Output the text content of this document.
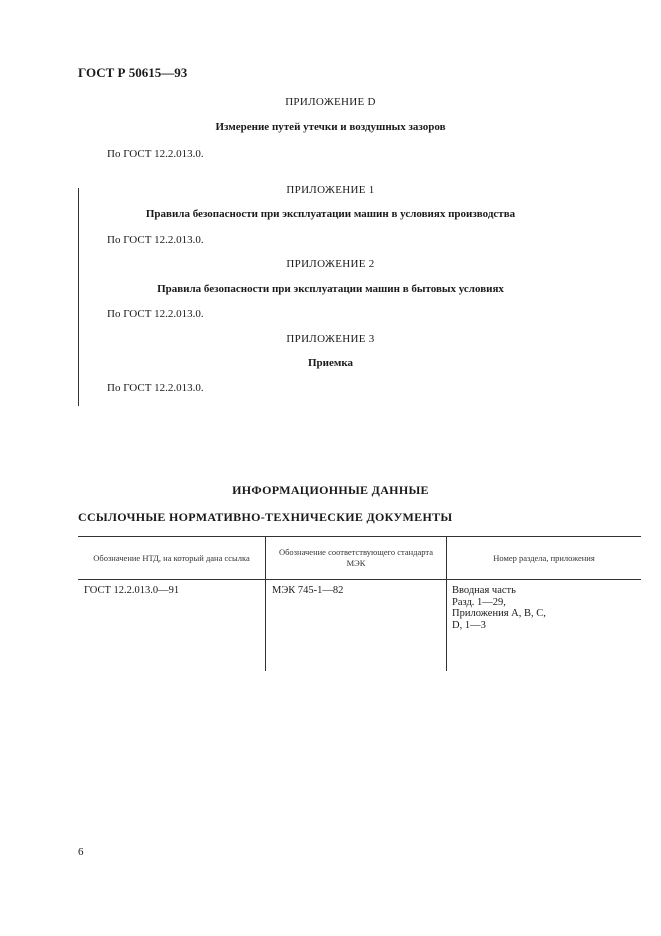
ГОСТ Р 50615—93
ПРИЛОЖЕНИЕ D
Измерение путей утечки и воздушных зазоров
По ГОСТ 12.2.013.0.
ПРИЛОЖЕНИЕ 1
Правила безопасности при эксплуатации машин в условиях производства
По ГОСТ 12.2.013.0.
ПРИЛОЖЕНИЕ 2
Правила безопасности при эксплуатации машин в бытовых условиях
По ГОСТ 12.2.013.0.
ПРИЛОЖЕНИЕ 3
Приемка
По ГОСТ 12.2.013.0.
ИНФОРМАЦИОННЫЕ ДАННЫЕ
ССЫЛОЧНЫЕ НОРМАТИВНО-ТЕХНИЧЕСКИЕ ДОКУМЕНТЫ
Обозначение НТД, на который дана ссылка	Обозначение соответствующего стандарта МЭК	Номер раздела, приложения
ГОСТ 12.2.013.0—91	МЭК 745-1—82	Вводная часть
Разд. 1—29,
Приложения А, В, С,
D, 1—3
6
